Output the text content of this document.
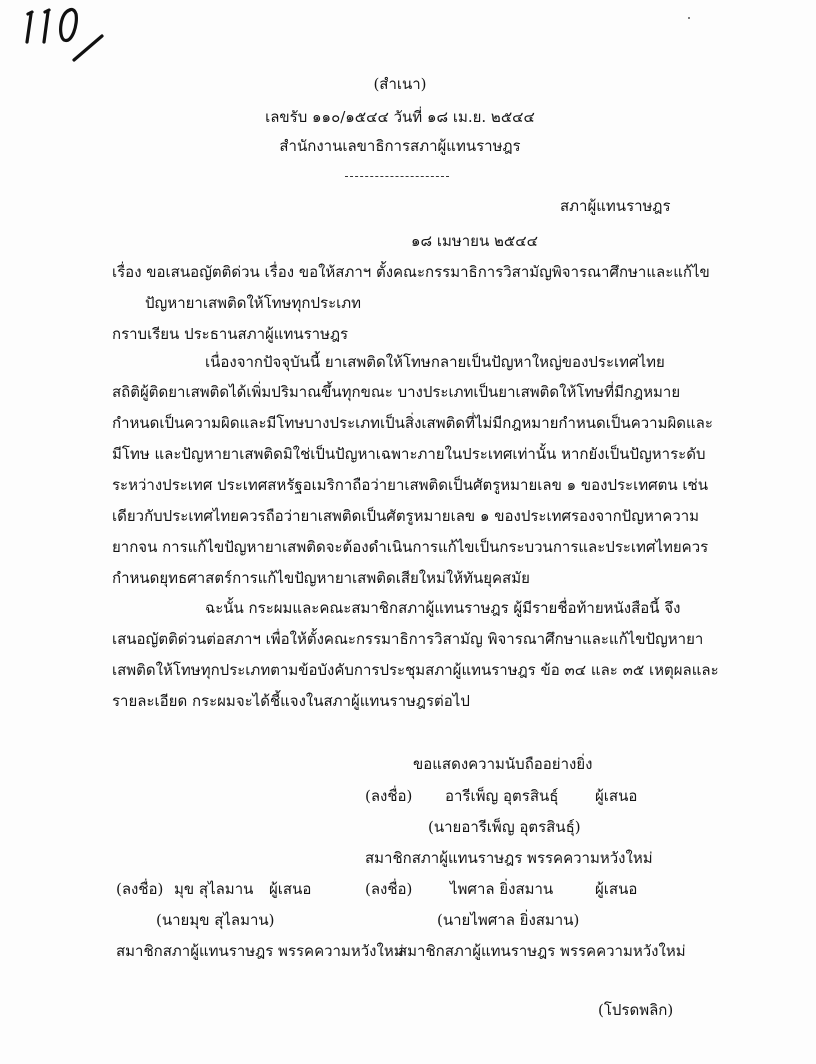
(สำเนา)
เลขรับ ๑๑๐/๑๕๔๔ วันที่ ๑๘ เม.ย. ๒๕๔๔
สำนักงานเลขาธิการสภาผู้แทนราษฎร
สภาผู้แทนราษฎร
๑๘ เมษายน ๒๕๔๔
เรื่อง ขอเสนอญัตติด่วน เรื่อง ขอให้สภาฯ ตั้งคณะกรรมาธิการวิสามัญพิจารณาศึกษาและแก้ไข
ปัญหายาเสพติดให้โทษทุกประเภท
กราบเรียน ประธานสภาผู้แทนราษฎร
เนื่องจากปัจจุบันนี้ ยาเสพติดให้โทษกลายเป็นปัญหาใหญ่ของประเทศไทย
สถิติผู้ติดยาเสพติดได้เพิ่มปริมาณขึ้นทุกขณะ บางประเภทเป็นยาเสพติดให้โทษที่มีกฎหมาย
กำหนดเป็นความผิดและมีโทษบางประเภทเป็นสิ่งเสพติดที่ไม่มีกฎหมายกำหนดเป็นความผิดและ
มีโทษ และปัญหายาเสพติดมิใช่เป็นปัญหาเฉพาะภายในประเทศเท่านั้น หากยังเป็นปัญหาระดับ
ระหว่างประเทศ ประเทศสหรัฐอเมริกาถือว่ายาเสพติดเป็นศัตรูหมายเลข ๑ ของประเทศตน เช่น
เดียวกับประเทศไทยควรถือว่ายาเสพติดเป็นศัตรูหมายเลข ๑ ของประเทศรองจากปัญหาความ
ยากจน การแก้ไขปัญหายาเสพติดจะต้องดำเนินการแก้ไขเป็นกระบวนการและประเทศไทยควร
กำหนดยุทธศาสตร์การแก้ไขปัญหายาเสพติดเสียใหม่ให้ทันยุคสมัย
ฉะนั้น กระผมและคณะสมาชิกสภาผู้แทนราษฎร ผู้มีรายชื่อท้ายหนังสือนี้ จึง
เสนอญัตติด่วนต่อสภาฯ เพื่อให้ตั้งคณะกรรมาธิการวิสามัญ พิจารณาศึกษาและแก้ไขปัญหายา
เสพติดให้โทษทุกประเภทตามข้อบังคับการประชุมสภาผู้แทนราษฎร ข้อ ๓๔ และ ๓๕ เหตุผลและ
รายละเอียด กระผมจะได้ชี้แจงในสภาผู้แทนราษฎรต่อไป
ขอแสดงความนับถืออย่างยิ่ง
(ลงชื่อ) อารีเพ็ญ อุตรสินธุ์ ผู้เสนอ
(นายอารีเพ็ญ อุตรสินธุ์)
สมาชิกสภาผู้แทนราษฎร พรรคความหวังใหม่
(ลงชื่อ) มุข สุไลมาน ผู้เสนอ
(นายมุข สุไลมาน)
สมาชิกสภาผู้แทนราษฎร พรรคความหวังใหม่
(ลงชื่อ)	ไพศาล ยิ่งสมาน	ผู้เสนอ
(นายไพศาล ยิ่งสมาน)
สมาชิกสภาผู้แทนราษฎร พรรคความหวังใหม่
(โปรดพลิก)
